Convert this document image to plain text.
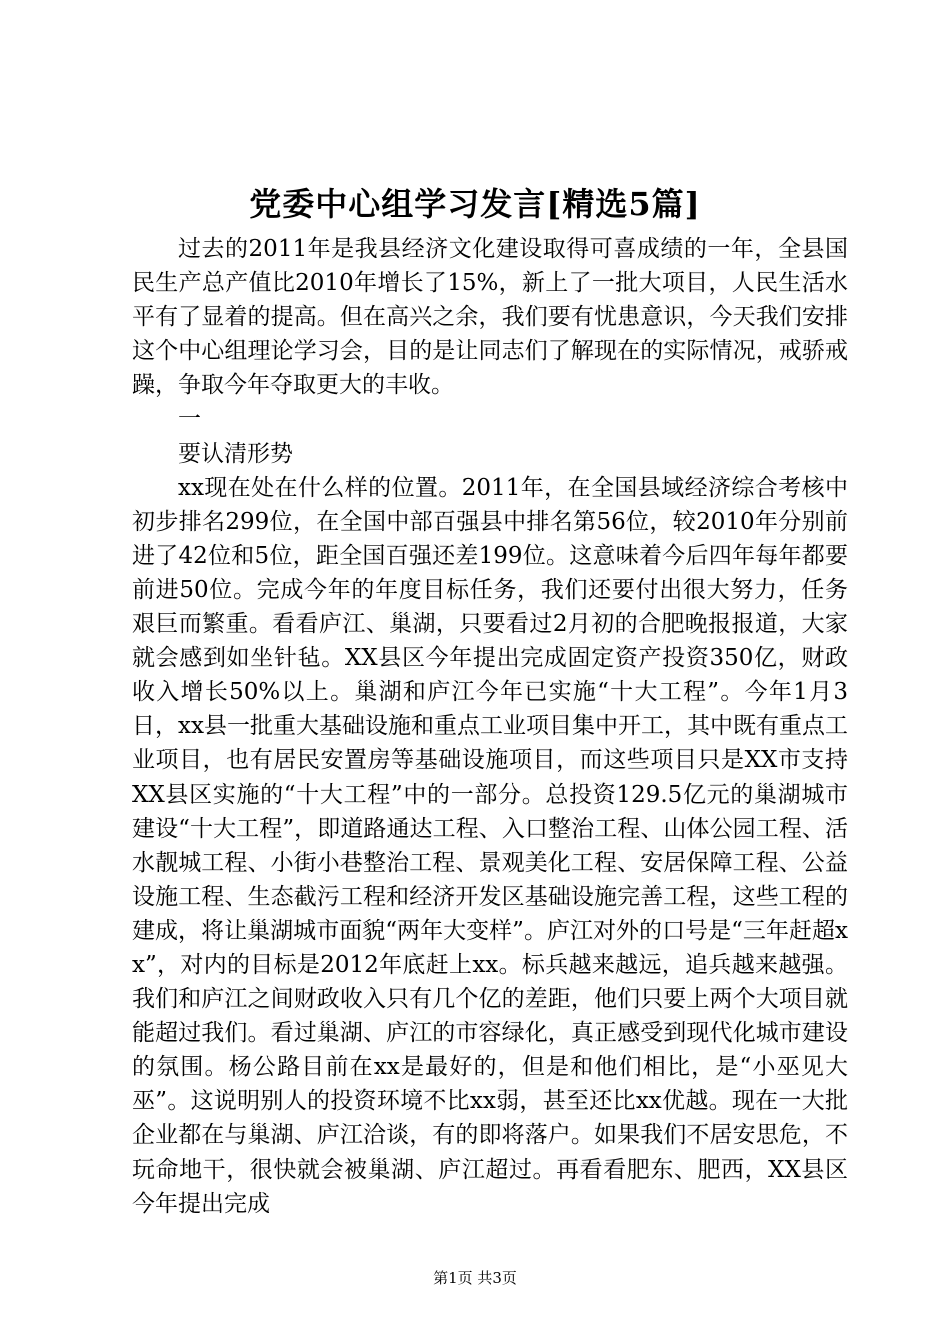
党委中心组学习发言[精选5篇]

过去的2011年是我县经济文化建设取得可喜成绩的一年，全县国民生产总产值比2010年增长了15%，新上了一批大项目，人民生活水平有了显着的提高。但在高兴之余，我们要有忧患意识，今天我们安排这个中心组理论学习会，目的是让同志们了解现在的实际情况，戒骄戒躁，争取今年夺取更大的丰收。

一

要认清形势

xx现在处在什么样的位置。2011年，在全国县域经济综合考核中初步排名299位，在全国中部百强县中排名第56位，较2010年分别前进了42位和5位，距全国百强还差199位。这意味着今后四年每年都要前进50位。完成今年的年度目标任务，我们还要付出很大努力，任务艰巨而繁重。看看庐江、巢湖，只要看过2月初的合肥晚报报道，大家就会感到如坐针毡。XX县区今年提出完成固定资产投资350亿，财政收入增长50%以上。巢湖和庐江今年已实施“十大工程”。今年1月3日，xx县一批重大基础设施和重点工业项目集中开工，其中既有重点工业项目，也有居民安置房等基础设施项目，而这些项目只是XX市支持XX县区实施的“十大工程”中的一部分。总投资129.5亿元的巢湖城市建设“十大工程”，即道路通达工程、入口整治工程、山体公园工程、活水靓城工程、小街小巷整治工程、景观美化工程、安居保障工程、公益设施工程、生态截污工程和经济开发区基础设施完善工程，这些工程的建成，将让巢湖城市面貌“两年大变样”。庐江对外的口号是“三年赶超xx”，对内的目标是2012年底赶上xx。标兵越来越远，追兵越来越强。我们和庐江之间财政收入只有几个亿的差距，他们只要上两个大项目就能超过我们。看过巢湖、庐江的市容绿化，真正感受到现代化城市建设的氛围。杨公路目前在xx是最好的，但是和他们相比，是“小巫见大巫”。这说明别人的投资环境不比xx弱，甚至还比xx优越。现在一大批企业都在与巢湖、庐江洽谈，有的即将落户。如果我们不居安思危，不玩命地干，很快就会被巢湖、庐江超过。再看看肥东、肥西，XX县区今年提出完成

第1页 共3页
